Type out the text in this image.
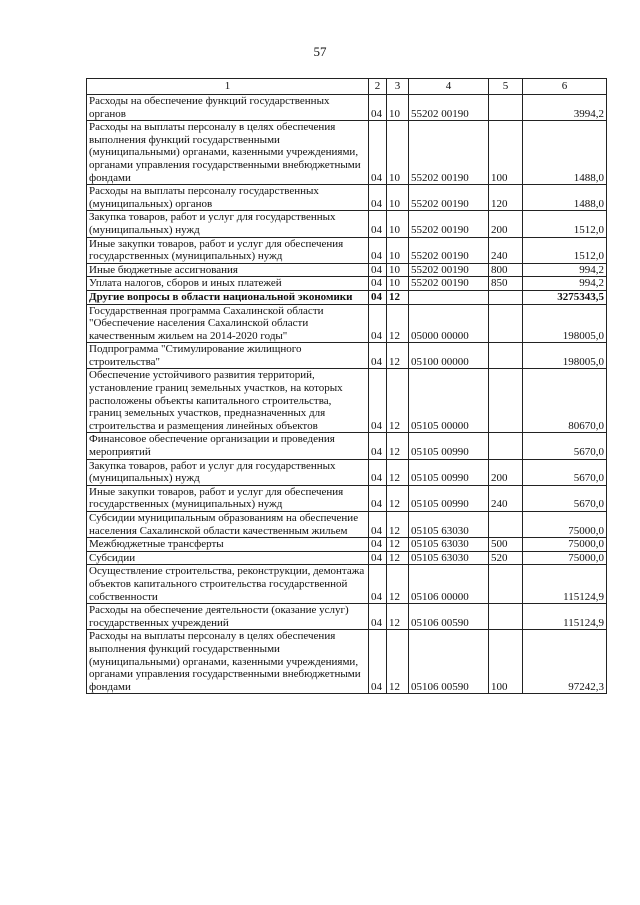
57
1	2	3	4	5	6
Расходы на обеспечение функций государственных органов	04	10	55202 00190		3994,2
Расходы на выплаты персоналу в целях обеспечения выполнения функций государственными (муниципальными) органами, казенными учреждениями, органами управления государственными внебюджетными фондами	04	10	55202 00190	100	1488,0
Расходы на выплаты персоналу государственных (муниципальных) органов	04	10	55202 00190	120	1488,0
Закупка товаров, работ и услуг для государственных (муниципальных) нужд	04	10	55202 00190	200	1512,0
Иные закупки товаров, работ и услуг для обеспечения государственных (муниципальных) нужд	04	10	55202 00190	240	1512,0
Иные бюджетные ассигнования	04	10	55202 00190	800	994,2
Уплата налогов, сборов и иных платежей	04	10	55202 00190	850	994,2
Другие вопросы в области национальной экономики	04	12			3275343,5
Государственная программа Сахалинской области "Обеспечение населения Сахалинской области качественным жильем на 2014-2020 годы"	04	12	05000 00000		198005,0
Подпрограмма "Стимулирование жилищного строительства"	04	12	05100 00000		198005,0
Обеспечение устойчивого развития территорий, установление границ земельных участков, на которых расположены объекты капитального строительства, границ земельных участков, предназначенных для строительства и размещения линейных объектов	04	12	05105 00000		80670,0
Финансовое обеспечение организации и проведения мероприятий	04	12	05105 00990		5670,0
Закупка товаров, работ и услуг для государственных (муниципальных) нужд	04	12	05105 00990	200	5670,0
Иные закупки товаров, работ и услуг для обеспечения государственных (муниципальных) нужд	04	12	05105 00990	240	5670,0
Субсидии муниципальным образованиям на обеспечение населения Сахалинской области качественным жильем	04	12	05105 63030		75000,0
Межбюджетные трансферты	04	12	05105 63030	500	75000,0
Субсидии	04	12	05105 63030	520	75000,0
Осуществление строительства, реконструкции, демонтажа объектов капитального строительства государственной собственности	04	12	05106 00000		115124,9
Расходы на обеспечение деятельности (оказание услуг) государственных учреждений	04	12	05106 00590		115124,9
Расходы на выплаты персоналу в целях обеспечения выполнения функций государственными (муниципальными) органами, казенными учреждениями, органами управления государственными внебюджетными фондами	04	12	05106 00590	100	97242,3
